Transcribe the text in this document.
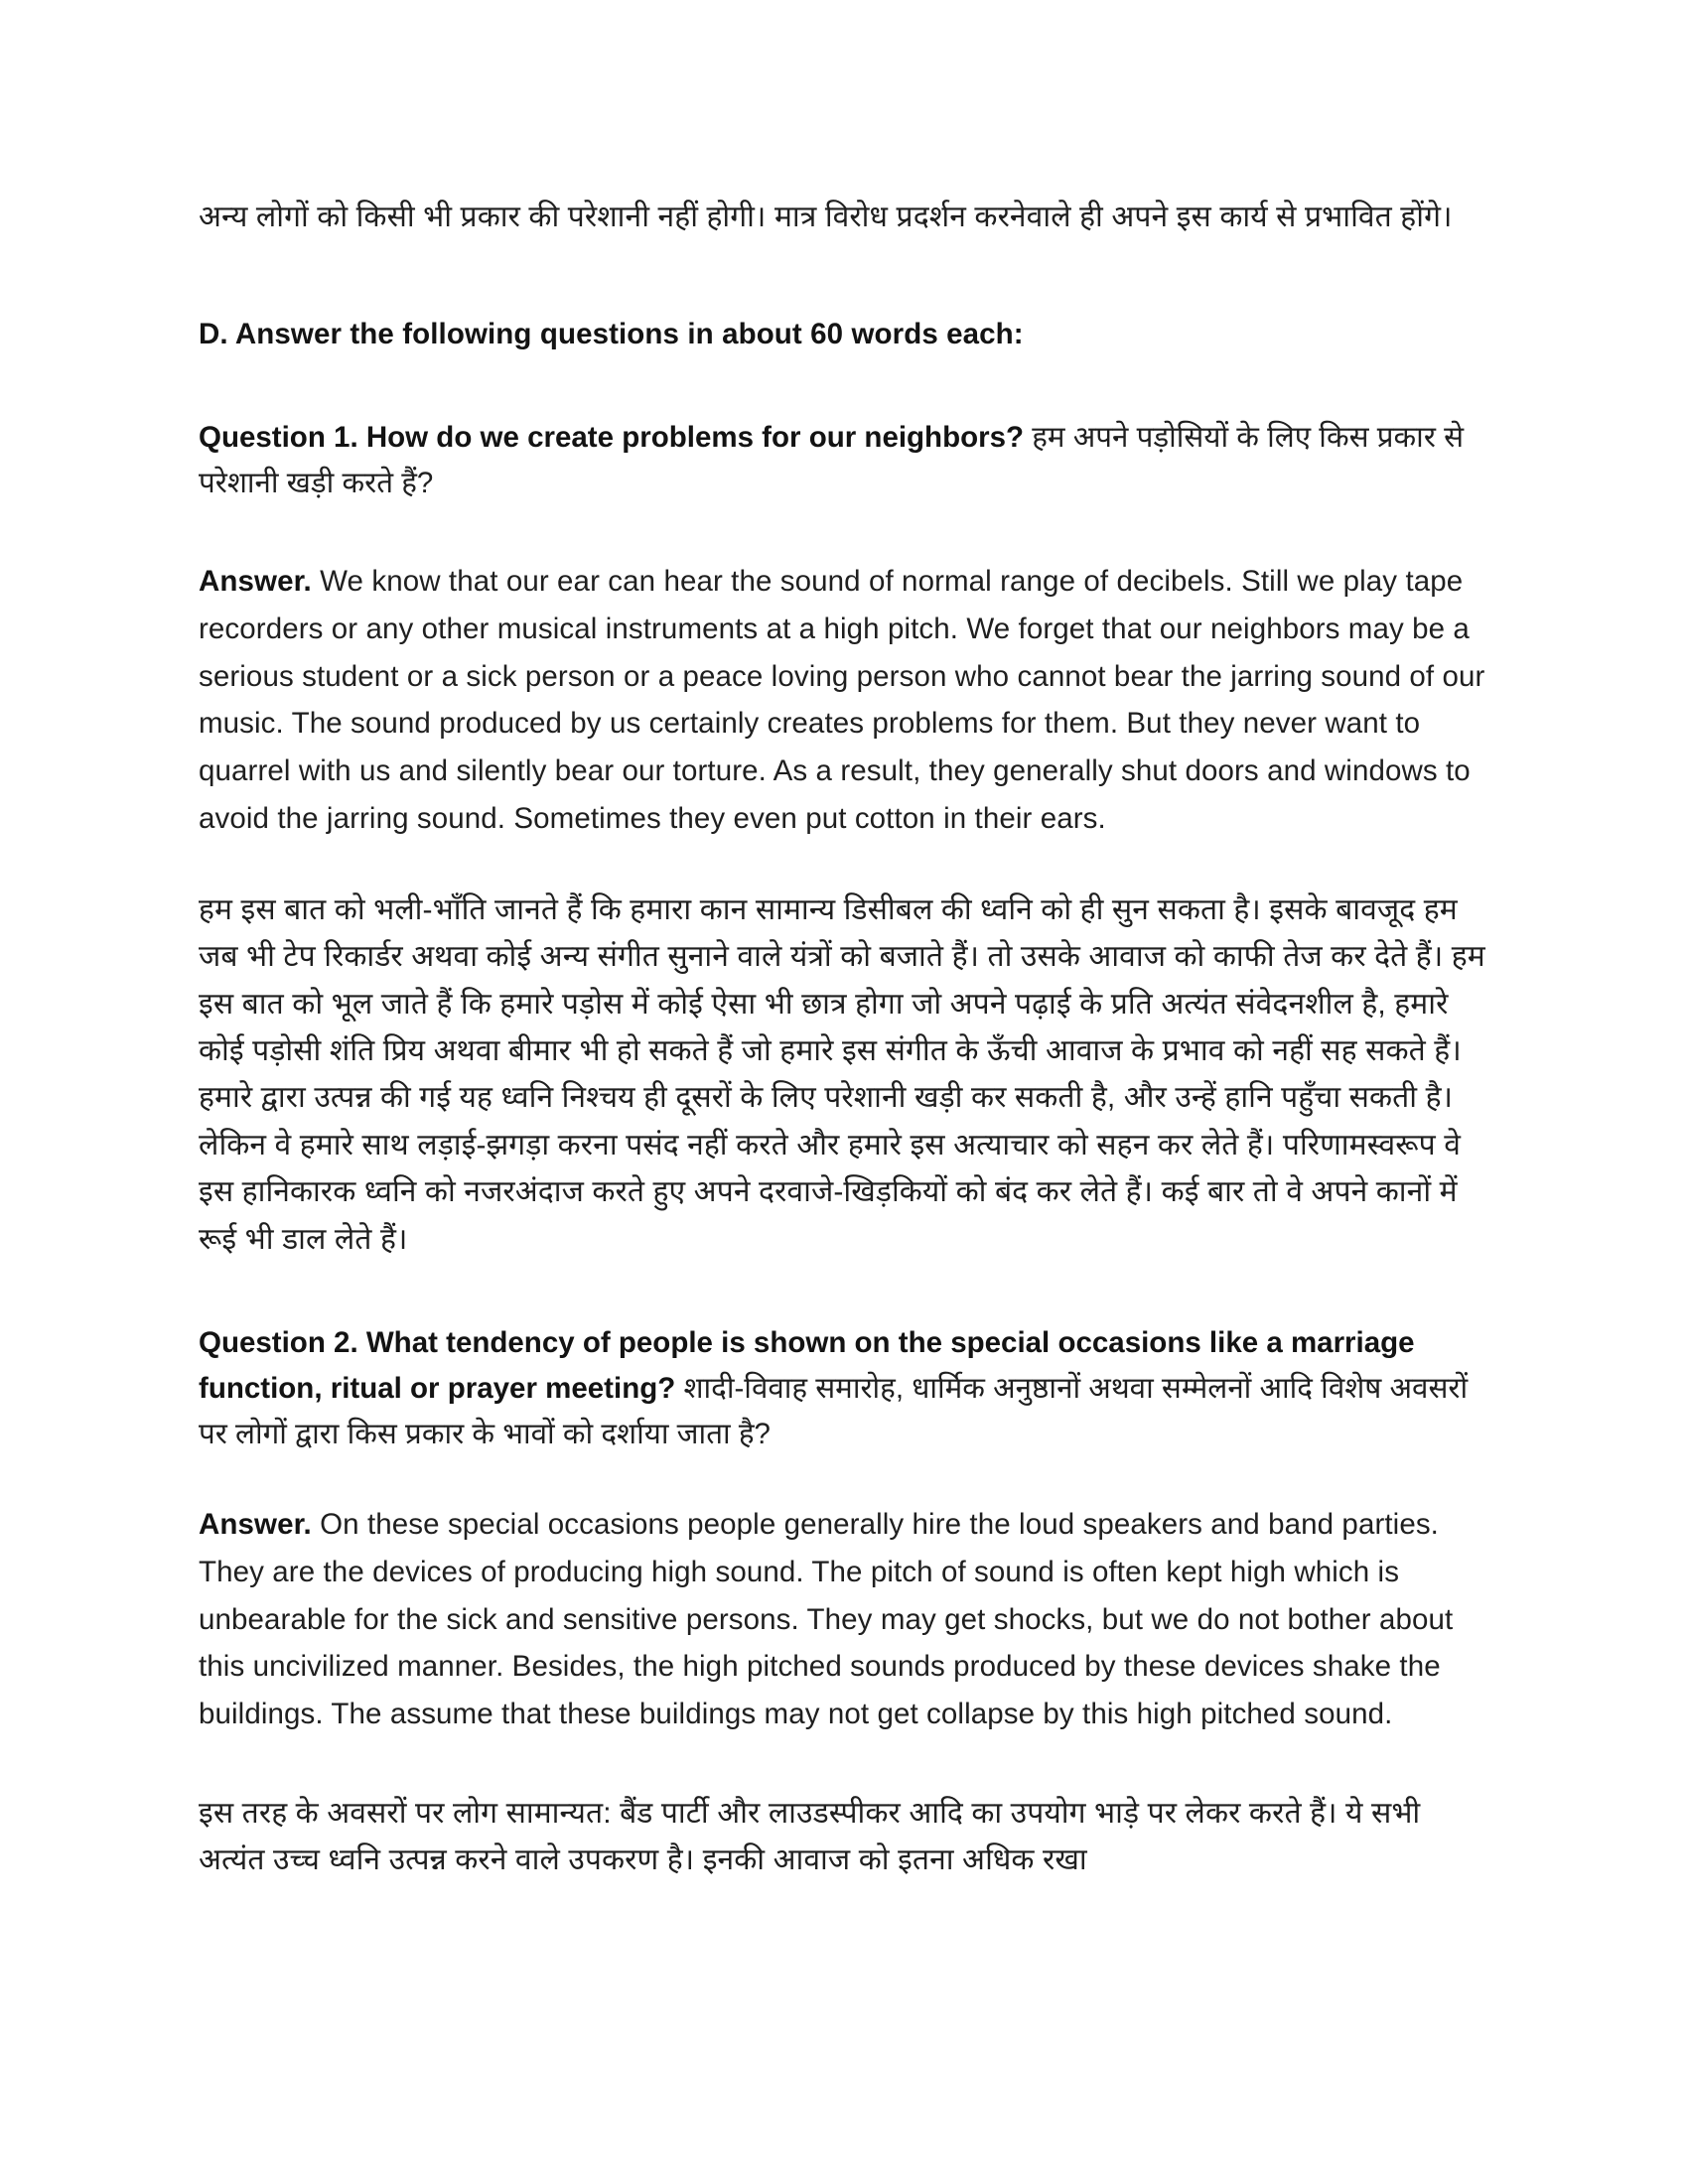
अन्य लोगों को किसी भी प्रकार की परेशानी नहीं होगी। मात्र विरोध प्रदर्शन करनेवाले ही अपने इस कार्य से प्रभावित होंगे।

D. Answer the following questions in about 60 words each:

Question 1. How do we create problems for our neighbors? हम अपने पड़ोसियों के लिए किस प्रकार से परेशानी खड़ी करते हैं?

Answer. We know that our ear can hear the sound of normal range of decibels. Still we play tape recorders or any other musical instruments at a high pitch. We forget that our neighbors may be a serious student or a sick person or a peace loving person who cannot bear the jarring sound of our music. The sound produced by us certainly creates problems for them. But they never want to quarrel with us and silently bear our torture. As a result, they generally shut doors and windows to avoid the jarring sound. Sometimes they even put cotton in their ears.

हम इस बात को भली-भाँति जानते हैं कि हमारा कान सामान्य डिसीबल की ध्वनि को ही सुन सकता है। इसके बावजूद हम जब भी टेप रिकार्डर अथवा कोई अन्य संगीत सुनाने वाले यंत्रों को बजाते हैं। तो उसके आवाज को काफी तेज कर देते हैं। हम इस बात को भूल जाते हैं कि हमारे पड़ोस में कोई ऐसा भी छात्र होगा जो अपने पढ़ाई के प्रति अत्यंत संवेदनशील है, हमारे कोई पड़ोसी शंति प्रिय अथवा बीमार भी हो सकते हैं जो हमारे इस संगीत के ऊँची आवाज के प्रभाव को नहीं सह सकते हैं। हमारे द्वारा उत्पन्न की गई यह ध्वनि निश्चय ही दूसरों के लिए परेशानी खड़ी कर सकती है, और उन्हें हानि पहुँचा सकती है। लेकिन वे हमारे साथ लड़ाई-झगड़ा करना पसंद नहीं करते और हमारे इस अत्याचार को सहन कर लेते हैं। परिणामस्वरूप वे इस हानिकारक ध्वनि को नजरअंदाज करते हुए अपने दरवाजे-खिड़कियों को बंद कर लेते हैं। कई बार तो वे अपने कानों में रूई भी डाल लेते हैं।

Question 2. What tendency of people is shown on the special occasions like a marriage function, ritual or prayer meeting? शादी-विवाह समारोह, धार्मिक अनुष्ठानों अथवा सम्मेलनों आदि विशेष अवसरों पर लोगों द्वारा किस प्रकार के भावों को दर्शाया जाता है?

Answer. On these special occasions people generally hire the loud speakers and band parties. They are the devices of producing high sound. The pitch of sound is often kept high which is unbearable for the sick and sensitive persons. They may get shocks, but we do not bother about this uncivilized manner. Besides, the high pitched sounds produced by these devices shake the buildings. The assume that these buildings may not get collapse by this high pitched sound.

इस तरह के अवसरों पर लोग सामान्यत: बैंड पार्टी और लाउडस्पीकर आदि का उपयोग भाड़े पर लेकर करते हैं। ये सभी अत्यंत उच्च ध्वनि उत्पन्न करने वाले उपकरण है। इनकी आवाज को इतना अधिक रखा
